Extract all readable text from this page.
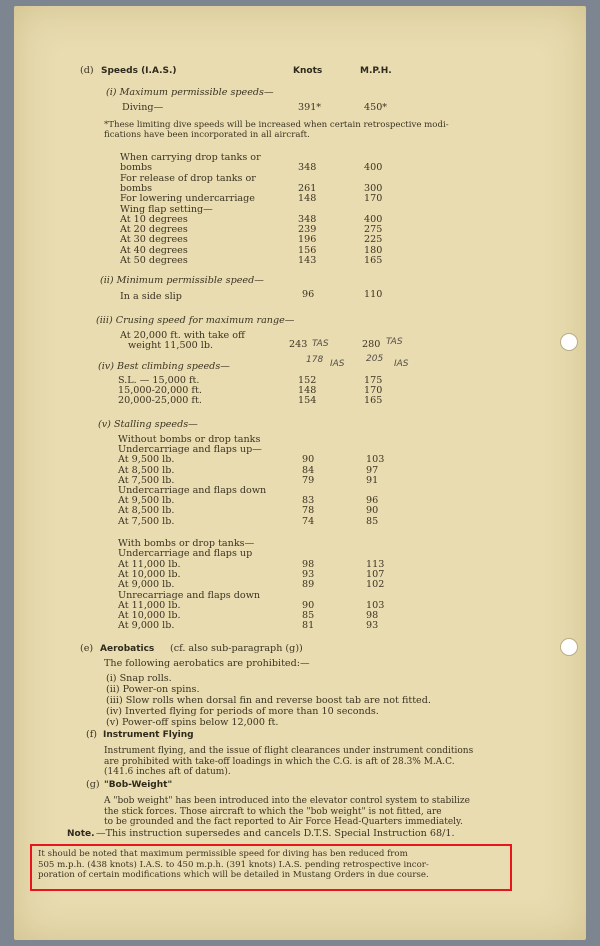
(d) Speeds (I.A.S.)	Knots	M.P.H.
(i) Maximum permissible speeds—
Diving—	391*	450*
*These limiting dive speeds will be increased when certain retrospective modi-
fications have been incorporated in all aircraft.
When carrying drop tanks or
bombs	348	400
For release of drop tanks or
bombs	261	300
For lowering undercarriage	148	170
Wing flap setting—
At 10 degrees	348	400
At 20 degrees	239	275
At 30 degrees	196	225
At 40 degrees	156	180
At 50 degrees	143	165
(ii) Minimum permissible speed—
In a side slip	96	110
(iii) Crusing speed for maximum range—
At 20,000 ft. with take off
weight 11,500 lb.	243 TAS	280 TAS
(iv) Best climbing speeds—
178 IAS 205 IAS
S.L. — 15,000 ft.	152	175
15,000-20,000 ft.	148	170
20,000-25,000 ft.	154	165
(v) Stalling speeds—
Without bombs or drop tanks
Undercarriage and flaps up—
At 9,500 lb.	90	103
At 8,500 lb.	84	97
At 7,500 lb.	79	91
Undercarriage and flaps down
At 9,500 lb.	83	96
At 8,500 lb.	78	90
At 7,500 lb.	74	85
With bombs or drop tanks—
Undercarriage and flaps up
At 11,000 lb.	98	113
At 10,000 lb.	93	107
At 9,000 lb.	89	102
Unrecarriage and flaps down
At 11,000 lb.	90	103
At 10,000 lb.	85	98
At 9,000 lb.	81	93
(e) Aerobatics (cf. also sub-paragraph (g))
The following aerobatics are prohibited:—
(i) Snap rolls.
(ii) Power-on spins.
(iii) Slow rolls when dorsal fin and reverse boost tab are not fitted.
(iv) Inverted flying for periods of more than 10 seconds.
(v) Power-off spins below 12,000 ft.
(f) Instrument Flying
Instrument flying, and the issue of flight clearances under instrument conditions
are prohibited with take-off loadings in which the C.G. is aft of 28.3% M.A.C.
(141.6 inches aft of datum).
(g) "Bob-Weight"
A "bob weight" has been introduced into the elevator control system to stabilize
the stick forces. Those aircraft to which the "bob weight" is not fitted, are
to be grounded and the fact reported to Air Force Head-Quarters immediately.
Note. —This instruction supersedes and cancels D.T.S. Special Instruction 68/1.
It should be noted that maximum permissible speed for diving has ben reduced from
505 m.p.h. (438 knots) I.A.S. to 450 m.p.h. (391 knots) I.A.S. pending retrospective incor-
poration of certain modifications which will be detailed in Mustang Orders in due course.
